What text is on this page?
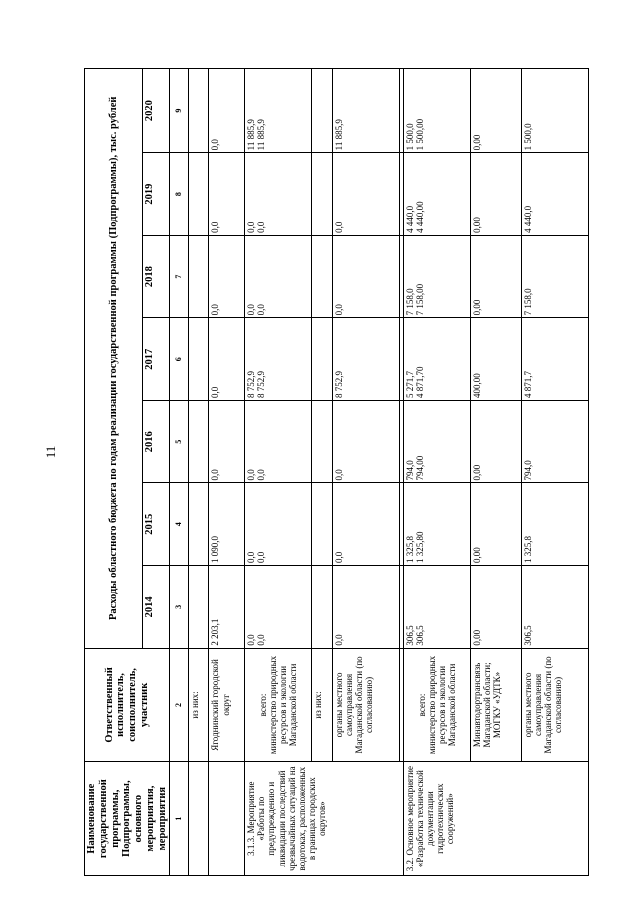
11
Наименование государственной программы, Подпрограммы, основного мероприятия, мероприятия	Ответственный исполнитель, соисполнитель, участник	Расходы областного бюджета по годам реализации государственной программы (Подпрограммы), тыс. рублей						
		2014	2015	2016	2017	2018	2019	2020
1	2	3	4	5	6	7	8	9
	из них:							
	Ягоднинский городской округ	2 203,1	1 090,0	0,0	0,0	0,0	0,0	0,0
3.1.3. Мероприятие «Работы по предупреждению и ликвидации последствий чрезвычайных ситуаций на водотоках, расположенных в границах городских округов»	всего: министерство природных ресурсов и экологии Магаданской области	0,0 0,0	0,0 0,0	0,0 0,0	8 752,9 8 752,9	0,0 0,0	0,0 0,0	11 885,9 11 885,9

	из них:							
	органы местного самоуправления Магаданской области (по согласованию)	0,0	0,0	0,0	8 752,9	0,0	0,0	11 885,9

3.2. Основное мероприятие «Разработка технической документации гидротехнических сооружений»	всего: министерство природных ресурсов и экологии Магаданской области	306,5 306,5	1 325,8 1 325,80	794,0 794,00	5 271,7 4 871,70	7 158,0 7 158,00	4 440,0 4 440,00	1 500,0 1 500,00

	Минавтодортрансвязь Магаданской области; МОГКУ «УДТК»	0,00	0,00	0,00	400,00	0,00	0,00	0,00
	органы местного самоуправления Магаданской области (по согласованию)	306,5	1 325,8	794,0	4 871,7	7 158,0	4 440,0	1 500,0
